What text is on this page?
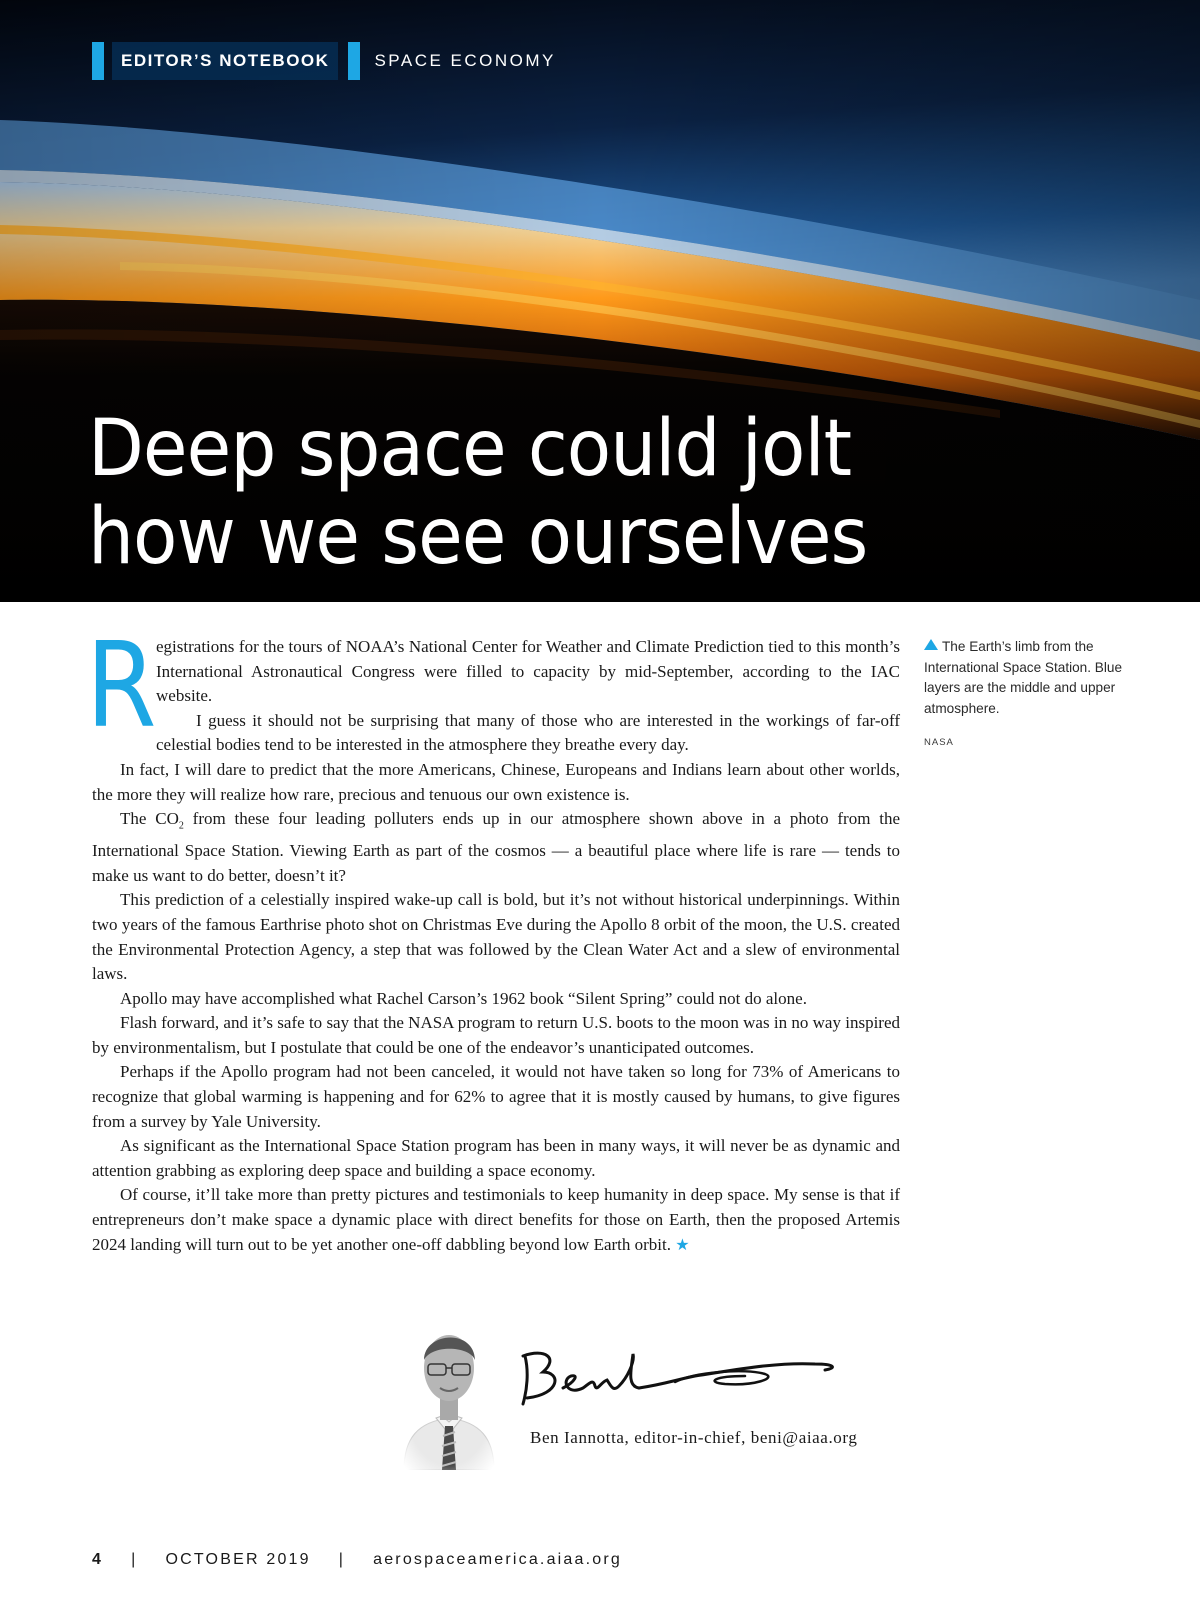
EDITOR’S NOTEBOOK	SPACE ECONOMY
Deep space could jolt
how we see ourselves

Registrations for the tours of NOAA’s National Center for Weather and Climate Prediction tied to this month’s International Astronautical Congress were filled to capacity by mid-September, according to the IAC website.

I guess it should not be surprising that many of those who are interested in the workings of far-off celestial bodies tend to be interested in the atmosphere they breathe every day.

In fact, I will dare to predict that the more Americans, Chinese, Europeans and Indians learn about other worlds, the more they will realize how rare, precious and tenuous our own existence is.

The $CO_2$ from these four leading polluters ends up in our atmosphere shown above in a photo from the International Space Station. Viewing Earth as part of the cosmos — a beautiful place where life is rare — tends to make us want to do better, doesn’t it?

This prediction of a celestially inspired wake-up call is bold, but it’s not without historical underpinnings. Within two years of the famous Earthrise photo shot on Christmas Eve during the Apollo 8 orbit of the moon, the U.S. created the Environmental Protection Agency, a step that was followed by the Clean Water Act and a slew of environmental laws.

Apollo may have accomplished what Rachel Carson’s 1962 book “Silent Spring” could not do alone.

Flash forward, and it’s safe to say that the NASA program to return U.S. boots to the moon was in no way inspired by environmentalism, but I postulate that could be one of the endeavor’s unanticipated outcomes.

Perhaps if the Apollo program had not been canceled, it would not have taken so long for 73% of Americans to recognize that global warming is happening and for 62% to agree that it is mostly caused by humans, to give figures from a survey by Yale University.

As significant as the International Space Station program has been in many ways, it will never be as dynamic and attention grabbing as exploring deep space and building a space economy.

Of course, it’ll take more than pretty pictures and testimonials to keep humanity in deep space. My sense is that if entrepreneurs don’t make space a dynamic place with direct benefits for those on Earth, then the proposed Artemis 2024 landing will turn out to be yet another one-off dabbling beyond low Earth orbit. ★

The Earth’s limb from the International Space Station. Blue layers are the middle and upper atmosphere.
NASA
Ben Iannotta, editor-in-chief, beni@aiaa.org
4 | OCTOBER 2019 | aerospaceamerica.aiaa.org
